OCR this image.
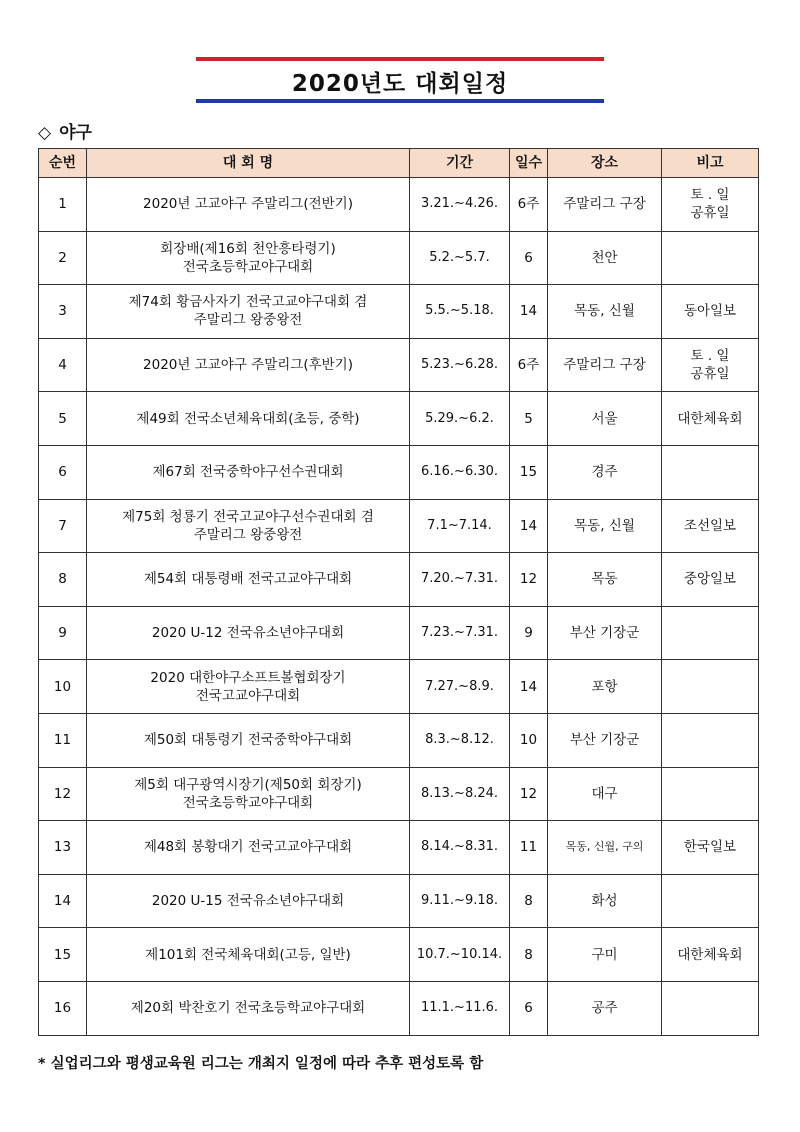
2020년도 대회일정
◇ 야구
순번	대 회 명	기간	일수	장소	비고
1	2020년 고교야구 주말리그(전반기)	3.21.~4.26.	6주	주말리그 구장	토 . 일
공휴일
2	회장배(제16회 천안흥타령기)
전국초등학교야구대회	5.2.~5.7.	6	천안	
3	제74회 황금사자기 전국고교야구대회 겸
주말리그 왕중왕전	5.5.~5.18.	14	목동, 신월	동아일보
4	2020년 고교야구 주말리그(후반기)	5.23.~6.28.	6주	주말리그 구장	토 . 일
공휴일
5	제49회 전국소년체육대회(초등, 중학)	5.29.~6.2.	5	서울	대한체육회
6	제67회 전국중학야구선수권대회	6.16.~6.30.	15	경주	
7	제75회 청룡기 전국고교야구선수권대회 겸
주말리그 왕중왕전	7.1~7.14.	14	목동, 신월	조선일보
8	제54회 대통령배 전국고교야구대회	7.20.~7.31.	12	목동	중앙일보
9	2020 U-12 전국유소년야구대회	7.23.~7.31.	9	부산 기장군	
10	2020 대한야구소프트볼협회장기
전국고교야구대회	7.27.~8.9.	14	포항	
11	제50회 대통령기 전국중학야구대회	8.3.~8.12.	10	부산 기장군	
12	제5회 대구광역시장기(제50회 회장기)
전국초등학교야구대회	8.13.~8.24.	12	대구	
13	제48회 봉황대기 전국고교야구대회	8.14.~8.31.	11	목동, 신월, 구의	한국일보
14	2020 U-15 전국유소년야구대회	9.11.~9.18.	8	화성	
15	제101회 전국체육대회(고등, 일반)	10.7.~10.14.	8	구미	대한체육회
16	제20회 박찬호기 전국초등학교야구대회	11.1.~11.6.	6	공주	
* 실업리그와 평생교육원 리그는 개최지 일정에 따라 추후 편성토록 함
